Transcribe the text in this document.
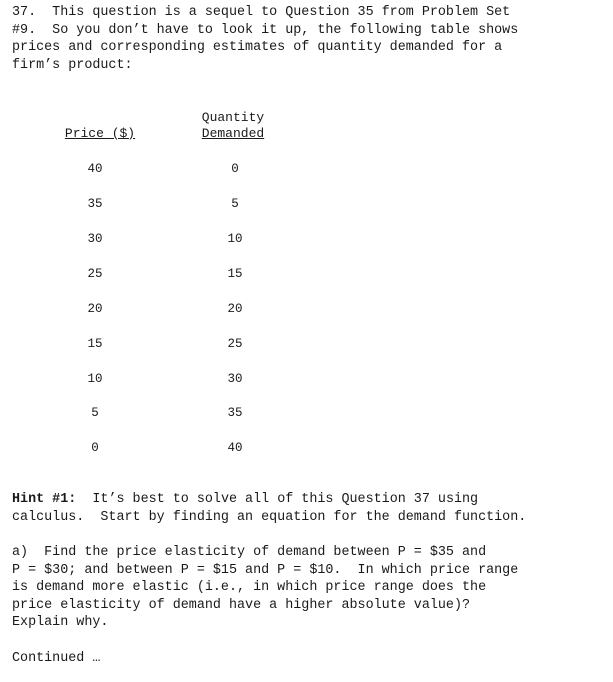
37.  This question is a sequel to Question 35 from Problem Set
#9.  So you don’t have to look it up, the following table shows
prices and corresponding estimates of quantity demanded for a
firm’s product:
Price ($)
Quantity
Demanded
40	0
35	5
30	10
25	15
20	20
15	25
10	30
5	35
0	40
Hint #1:  It’s best to solve all of this Question 37 using
calculus.  Start by finding an equation for the demand function.
a)  Find the price elasticity of demand between P = $35 and
P = $30; and between P = $15 and P = $10.  In which price range
is demand more elastic (i.e., in which price range does the
price elasticity of demand have a higher absolute value)?
Explain why.
Continued …
